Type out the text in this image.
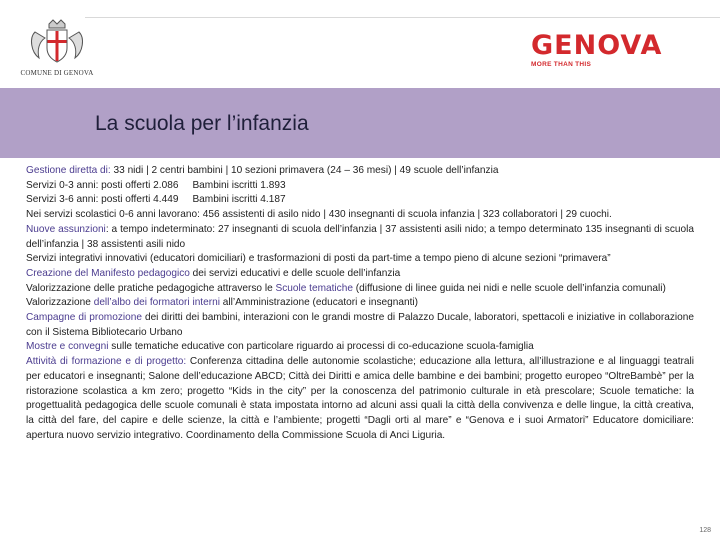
COMUNE DI GENOVA
GENOVA
MORE THAN THIS
La scuola per l’infanzia

Gestione diretta di: 33 nidi | 2 centri bambini | 10 sezioni primavera (24 – 36 mesi) | 49 scuole dell’infanzia

Servizi 0-3 anni: posti offerti 2.086 Bambini iscritti 1.893

Servizi 3-6 anni: posti offerti 4.449 Bambini iscritti 4.187

Nei servizi scolastici 0-6 anni lavorano: 456 assistenti di asilo nido | 430 insegnanti di scuola infanzia | 323 collaboratori | 29 cuochi.

Nuove assunzioni: a tempo indeterminato: 27 insegnanti di scuola dell’infanzia | 37 assistenti asili nido; a tempo determinato 135 insegnanti di scuola dell’infanzia | 38 assistenti asili nido

Servizi integrativi innovativi (educatori domiciliari) e trasformazioni di posti da part-time a tempo pieno di alcune sezioni “primavera”

Creazione del Manifesto pedagogico dei servizi educativi e delle scuole dell’infanzia

Valorizzazione delle pratiche pedagogiche attraverso le Scuole tematiche (diffusione di linee guida nei nidi e nelle scuole dell’infanzia comunali)

Valorizzazione dell’albo dei formatori interni all’Amministrazione (educatori e insegnanti)

Campagne di promozione dei diritti dei bambini, interazioni con le grandi mostre di Palazzo Ducale, laboratori, spettacoli e iniziative in collaborazione con il Sistema Bibliotecario Urbano

Mostre e convegni sulle tematiche educative con particolare riguardo ai processi di co-educazione scuola-famiglia

Attività di formazione e di progetto: Conferenza cittadina delle autonomie scolastiche; educazione alla lettura, all’illustrazione e al linguaggi teatrali per educatori e insegnanti; Salone dell’educazione ABCD; Città dei Diritti e amica delle bambine e dei bambini; progetto europeo “OltreBambè” per la ristorazione scolastica a km zero; progetto “Kids in the city” per la conoscenza del patrimonio culturale in età prescolare; Scuole tematiche: la progettualità pedagogica delle scuole comunali è stata impostata intorno ad alcuni assi quali la città della convivenza e delle lingue, la città creativa, la città del fare, del capire e delle scienze, la città e l’ambiente; progetti “Dagli orti al mare” e “Genova e i suoi Armatori” Educatore domiciliare: apertura nuovo servizio integrativo. Coordinamento della Commissione Scuola di Anci Liguria.

128
